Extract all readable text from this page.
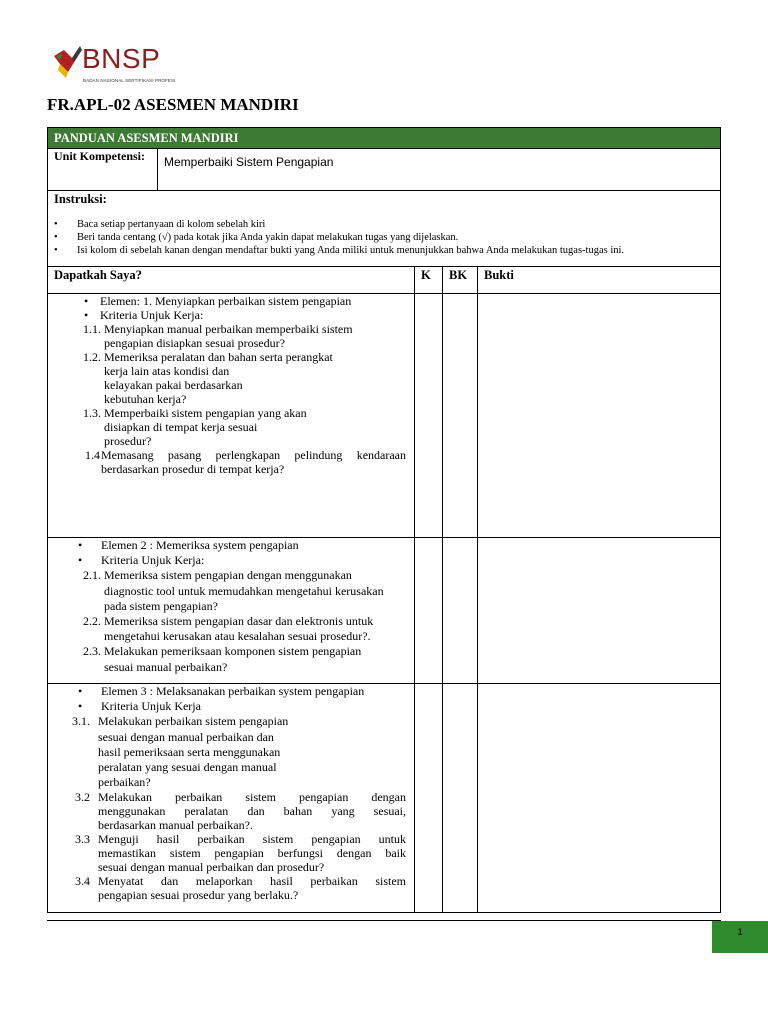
BNSP
BADAN NASIONAL SERTIFIKASI PROFESI
FR.APL-02 ASESMEN MANDIRI
PANDUAN ASESMEN MANDIRI
Unit Kompetensi:	Memperbaiki Sistem Pengapian
Instruksi:
• Baca setiap pertanyaan di kolom sebelah kiri
• Beri tanda centang (√) pada kotak jika Anda yakin dapat melakukan tugas yang dijelaskan.
• Isi kolom di sebelah kanan dengan mendaftar bukti yang Anda miliki untuk menunjukkan bahwa Anda melakukan tugas-tugas ini.
Dapatkah Saya?	K	BK	Bukti
• Elemen: 1. Menyiapkan perbaikan sistem pengapian
• Kriteria Unjuk Kerja:
1.1. Menyiapkan manual perbaikan memperbaiki sistem
pengapian disiapkan sesuai prosedur?
1.2. Memeriksa peralatan dan bahan serta perangkat
kerja lain atas kondisi dan
kelayakan pakai berdasarkan
kebutuhan kerja?
1.3. Memperbaiki sistem pengapian yang akan
disiapkan di tempat kerja sesuai
prosedur?
1.4 Memasang pasang perlengkapan pelindung kendaraan
berdasarkan prosedur di tempat kerja?
• Elemen 2 : Memeriksa system pengapian
• Kriteria Unjuk Kerja:
2.1. Memeriksa sistem pengapian dengan menggunakan
diagnostic tool untuk memudahkan mengetahui kerusakan
pada sistem pengapian?
2.2. Memeriksa sistem pengapian dasar dan elektronis untuk
mengetahui kerusakan atau kesalahan sesuai prosedur?.
2.3. Melakukan pemeriksaan komponen sistem pengapian
sesuai manual perbaikan?
• Elemen 3 : Melaksanakan perbaikan system pengapian
• Kriteria Unjuk Kerja
3.1. Melakukan perbaikan sistem pengapian
sesuai dengan manual perbaikan dan
hasil pemeriksaan serta menggunakan
peralatan yang sesuai dengan manual
perbaikan?
3.2 Melakukan perbaikan sistem pengapian dengan
menggunakan peralatan dan bahan yang sesuai,
berdasarkan manual perbaikan?.
3.3 Menguji hasil perbaikan sistem pengapian untuk
memastikan sistem pengapian berfungsi dengan baik
sesuai dengan manual perbaikan dan prosedur?
3.4 Menyatat dan melaporkan hasil perbaikan sistem
pengapian sesuai prosedur yang berlaku.?
1
